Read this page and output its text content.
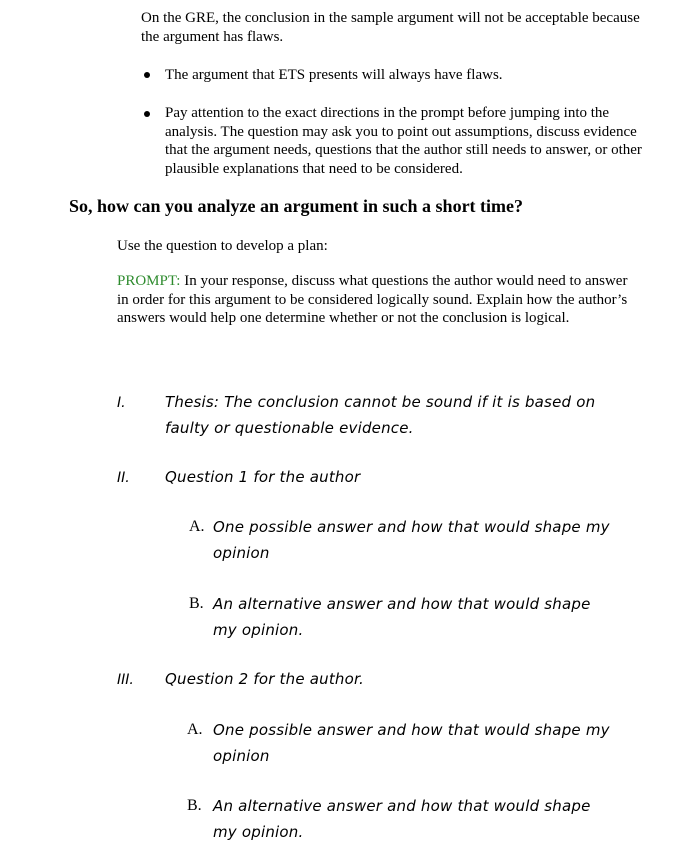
On the GRE, the conclusion in the sample argument will not be acceptable because the argument has flaws.
The argument that ETS presents will always have flaws.
Pay attention to the exact directions in the prompt before jumping into the analysis. The question may ask you to point out assumptions, discuss evidence that the argument needs, questions that the author still needs to answer, or other plausible explanations that need to be considered.
So, how can you analyze an argument in such a short time?
Use the question to develop a plan:
PROMPT: In your response, discuss what questions the author would need to answer in order for this argument to be considered logically sound. Explain how the author’s answers would help one determine whether or not the conclusion is logical.
I.	Thesis: The conclusion cannot be sound if it is based on faulty or questionable evidence.
II. Question 1 for the author
A. One possible answer and how that would shape my opinion
B. An alternative answer and how that would shape my opinion.
III. Question 2 for the author.
A. One possible answer and how that would shape my opinion
B. An alternative answer and how that would shape my opinion.
